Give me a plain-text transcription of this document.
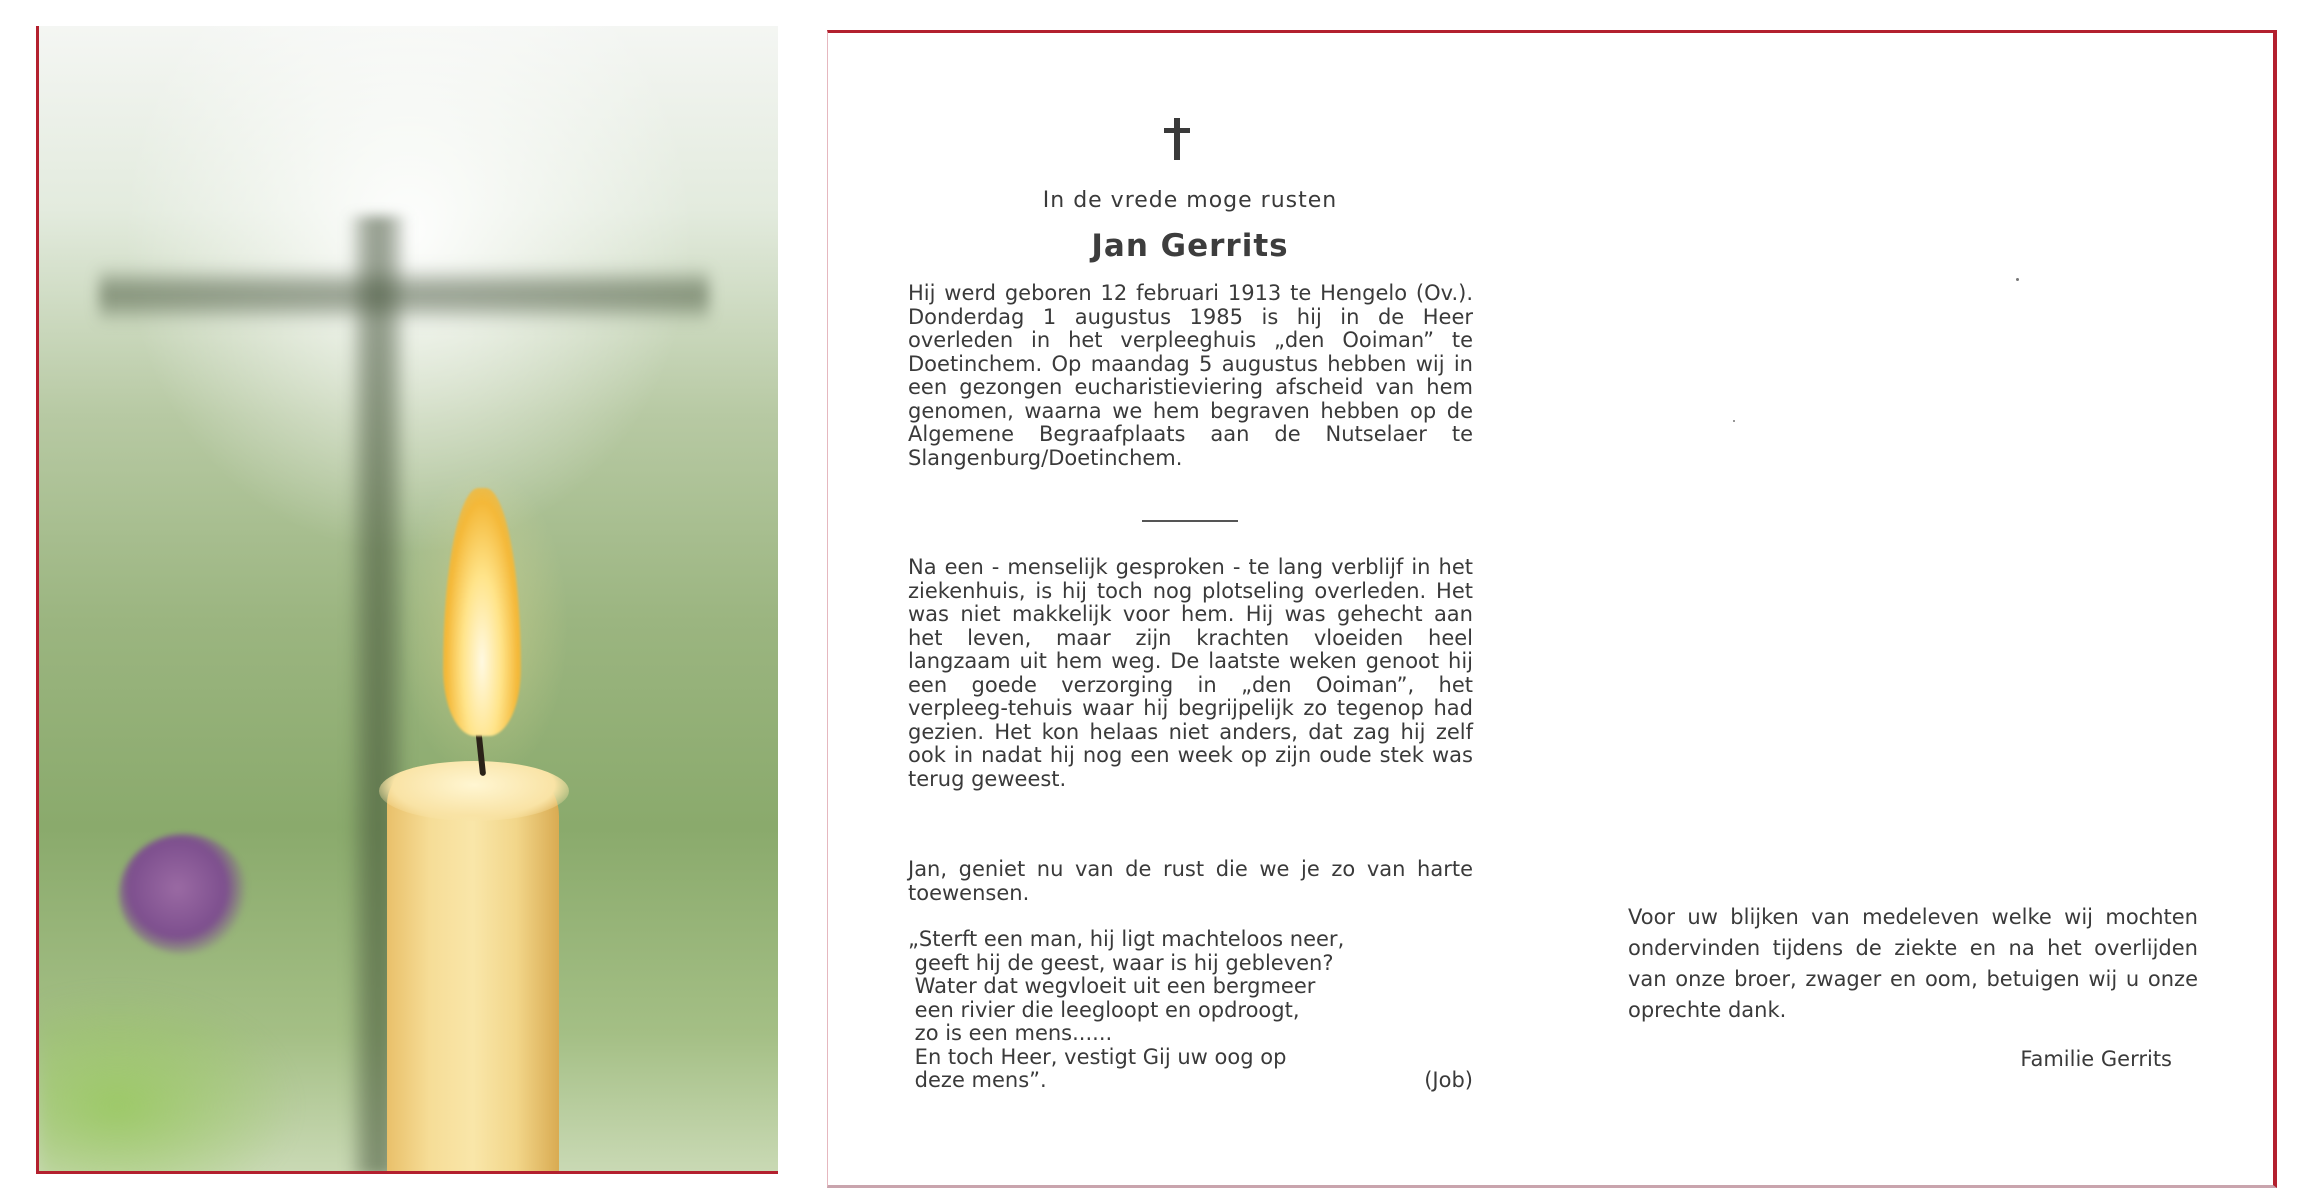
In de vrede moge rusten
Jan Gerrits

Hij werd geboren 12 februari 1913 te Hengelo (Ov.). Donderdag 1 augustus 1985 is hij in de Heer overleden in het verpleeghuis „den Ooiman” te Doetinchem. Op maandag 5 augustus hebben wij in een gezongen eucharistieviering afscheid van hem genomen, waarna we hem begraven hebben op de Algemene Begraafplaats aan de Nutselaer te Slangenburg/Doetinchem.

Na een - menselijk gesproken - te lang verblijf in het ziekenhuis, is hij toch nog plotseling overleden. Het was niet makkelijk voor hem. Hij was gehecht aan het leven, maar zijn krachten vloeiden heel langzaam uit hem weg. De laatste weken genoot hij een goede verzorging in „den Ooiman”, het verpleeg-tehuis waar hij begrijpelijk zo tegenop had gezien. Het kon helaas niet anders, dat zag hij zelf ook in nadat hij nog een week op zijn oude stek was terug geweest.

Jan, geniet nu van de rust die we je zo van harte toewensen.

„Sterft een man, hij ligt machteloos neer,
geeft hij de geest, waar is hij gebleven?
Water dat wegvloeit uit een bergmeer
een rivier die leegloopt en opdroogt,
zo is een mens......
En toch Heer, vestigt Gij uw oog op
deze mens”.	(Job)

Voor uw blijken van medeleven welke wij mochten ondervinden tijdens de ziekte en na het overlijden van onze broer, zwager en oom, betuigen wij u onze oprechte dank.

Familie Gerrits
